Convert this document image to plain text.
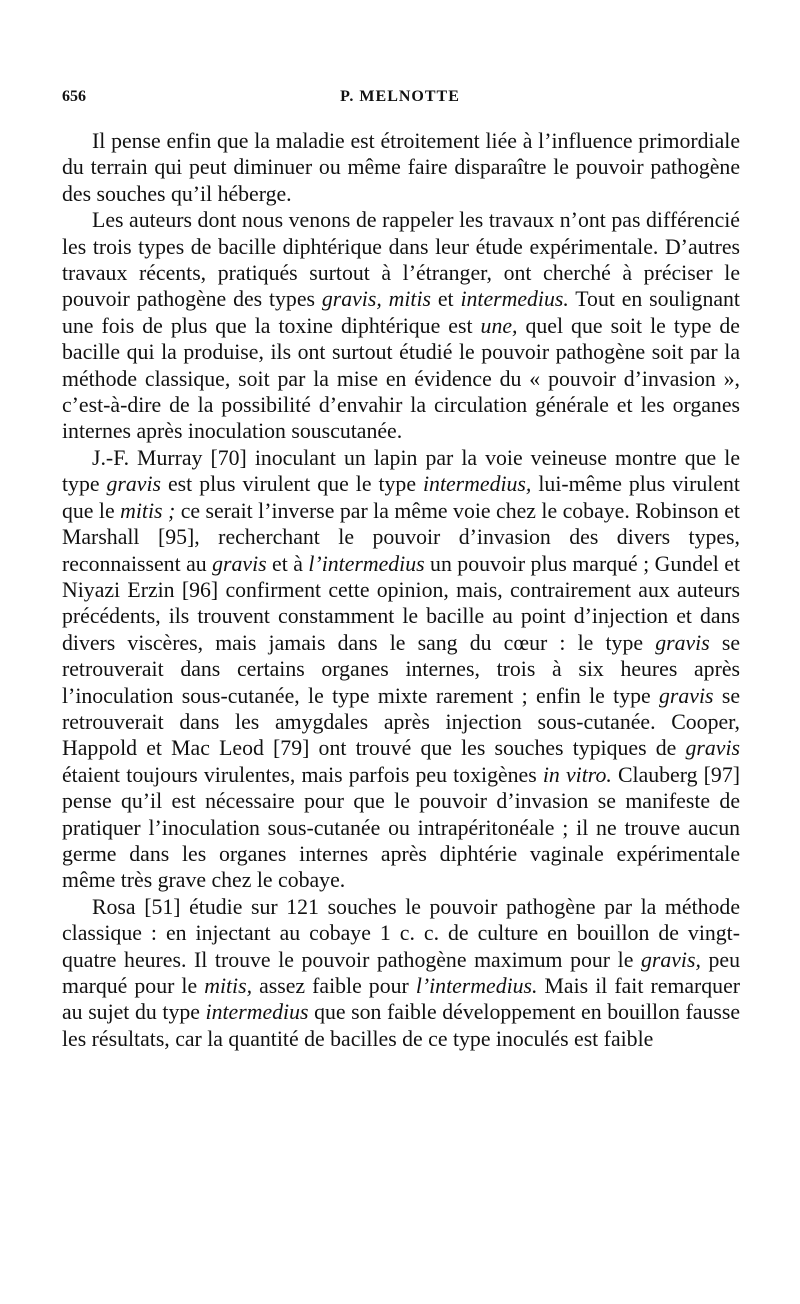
656	P. MELNOTTE

Il pense enfin que la maladie est étroitement liée à l’influence primordiale du terrain qui peut diminuer ou même faire disparaître le pouvoir pathogène des souches qu’il héberge.

Les auteurs dont nous venons de rappeler les travaux n’ont pas différencié les trois types de bacille diphtérique dans leur étude expérimentale. D’autres travaux récents, pratiqués surtout à l’étranger, ont cherché à préciser le pouvoir pathogène des types gravis, mitis et intermedius. Tout en soulignant une fois de plus que la toxine diphtérique est une, quel que soit le type de bacille qui la produise, ils ont surtout étudié le pouvoir pathogène soit par la méthode classique, soit par la mise en évidence du « pouvoir d’invasion », c’est-à-dire de la possibilité d’envahir la circulation générale et les organes internes après inoculation souscutanée.

J.-F. Murray [70] inoculant un lapin par la voie veineuse montre que le type gravis est plus virulent que le type intermedius, lui-même plus virulent que le mitis ; ce serait l’inverse par la même voie chez le cobaye. Robinson et Marshall [95], recherchant le pouvoir d’invasion des divers types, reconnaissent au gravis et à l’intermedius un pouvoir plus marqué ; Gundel et Niyazi Erzin [96] confirment cette opinion, mais, contrairement aux auteurs précédents, ils trouvent constamment le bacille au point d’injection et dans divers viscères, mais jamais dans le sang du cœur : le type gravis se retrouverait dans certains organes internes, trois à six heures après l’inoculation sous-cutanée, le type mixte rarement ; enfin le type gravis se retrouverait dans les amygdales après injection sous-cutanée. Cooper, Happold et Mac Leod [79] ont trouvé que les souches typiques de gravis étaient toujours virulentes, mais parfois peu toxigènes in vitro. Clauberg [97] pense qu’il est nécessaire pour que le pouvoir d’invasion se manifeste de pratiquer l’inoculation sous-cutanée ou intrapéritonéale ; il ne trouve aucun germe dans les organes internes après diphtérie vaginale expérimentale même très grave chez le cobaye.

Rosa [51] étudie sur 121 souches le pouvoir pathogène par la méthode classique : en injectant au cobaye 1 c. c. de culture en bouillon de vingt-quatre heures. Il trouve le pouvoir pathogène maximum pour le gravis, peu marqué pour le mitis, assez faible pour l’intermedius. Mais il fait remarquer au sujet du type intermedius que son faible développement en bouillon fausse les résultats, car la quantité de bacilles de ce type inoculés est faible
